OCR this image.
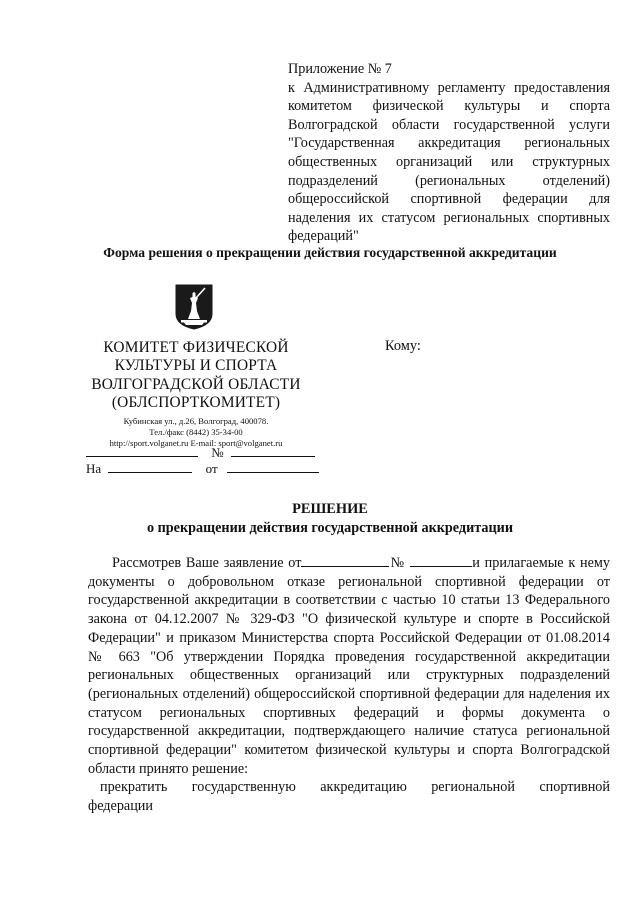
Приложение № 7
к Административному регламенту предоставления комитетом физической культуры и спорта Волгоградской области государственной услуги "Государственная аккредитация региональных общественных организаций или структурных подразделений (региональных отделений) общероссийской спортивной федерации для наделения их статусом региональных спортивных федераций"
Форма решения о прекращении действия государственной аккредитации
КОМИТЕТ ФИЗИЧЕСКОЙ
КУЛЬТУРЫ И СПОРТА
ВОЛГОГРАДСКОЙ ОБЛАСТИ
(ОБЛСПОРТКОМИТЕТ)
Кубинская ул., д.26, Волгоград, 400078.
Тел./факс (8442) 35-34-00
http://sport.volganet.ru E-mail: sport@volganet.ru
Кому:
№
На	от
РЕШЕНИЕ
о прекращении действия государственной аккредитации

Рассмотрев Ваше заявление от	№	и прилагаемые к нему документы о добровольном отказе региональной спортивной федерации от государственной аккредитации в соответствии с частью 10 статьи 13 Федерального закона от 04.12.2007 № 329-ФЗ "О физической культуре и спорте в Российской Федерации" и приказом Министерства спорта Российской Федерации от 01.08.2014 № 663 "Об утверждении Порядка проведения государственной аккредитации региональных общественных организаций или структурных подразделений (региональных отделений) общероссийской спортивной федерации для наделения их статусом региональных спортивных федераций и формы документа о государственной аккредитации, подтверждающего наличие статуса региональной спортивной федерации" комитетом физической культуры и спорта Волгоградской области принято решение:

прекратить государственную аккредитацию региональной спортивной

федерации
